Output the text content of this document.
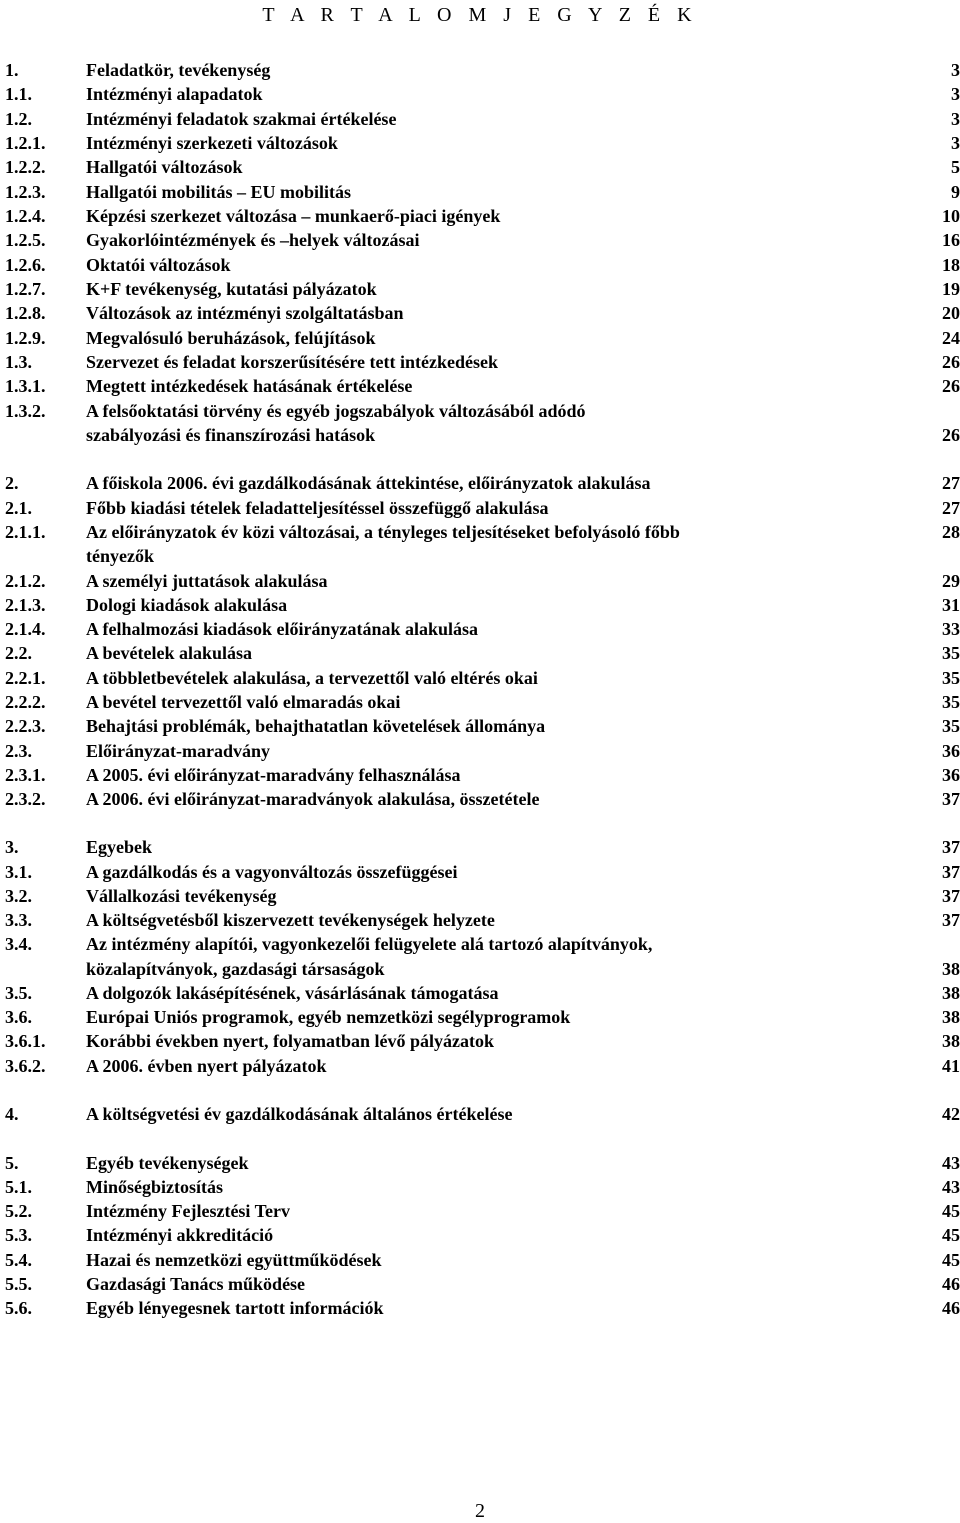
T A R T A L O M J E G Y Z É K
1.	Feladatkör, tevékenység	3
1.1.	Intézményi alapadatok	3
1.2.	Intézményi feladatok szakmai értékelése	3
1.2.1. Intézményi szerkezeti változások	3
1.2.2. Hallgatói változások	5
1.2.3. Hallgatói mobilitás – EU mobilitás	9
1.2.4. Képzési szerkezet változása – munkaerő-piaci igények	10
1.2.5. Gyakorlóintézmények és –helyek változásai	16
1.2.6. Oktatói változások	18
1.2.7. K+F tevékenység, kutatási pályázatok	19
1.2.8. Változások az intézményi szolgáltatásban	20
1.2.9. Megvalósuló beruházások, felújítások	24
1.3.	Szervezet és feladat korszerűsítésére tett intézkedések	26
1.3.1. Megtett intézkedések hatásának értékelése	26
1.3.2. A felsőoktatási törvény és egyéb jogszabályok változásából adódó
szabályozási és finanszírozási hatások	26
2.	A főiskola 2006. évi gazdálkodásának áttekintése, előirányzatok alakulása	27
2.1.	Főbb kiadási tételek feladatteljesítéssel összefüggő alakulása	27
2.1.1. Az előirányzatok év közi változásai, a tényleges teljesítéseket befolyásoló főbb	28
tényezők
2.1.2. A személyi juttatások alakulása	29
2.1.3. Dologi kiadások alakulása	31
2.1.4. A felhalmozási kiadások előirányzatának alakulása	33
2.2.	A bevételek alakulása	35
2.2.1. A többletbevételek alakulása, a tervezettől való eltérés okai	35
2.2.2. A bevétel tervezettől való elmaradás okai	35
2.2.3. Behajtási problémák, behajthatatlan követelések állománya	35
2.3.	Előirányzat-maradvány	36
2.3.1. A 2005. évi előirányzat-maradvány felhasználása	36
2.3.2. A 2006. évi előirányzat-maradványok alakulása, összetétele	37
3.	Egyebek	37
3.1.	A gazdálkodás és a vagyonváltozás összefüggései	37
3.2.	Vállalkozási tevékenység	37
3.3.	A költségvetésből kiszervezett tevékenységek helyzete	37
3.4.	Az intézmény alapítói, vagyonkezelői felügyelete alá tartozó alapítványok,
közalapítványok, gazdasági társaságok	38
3.5.	A dolgozók lakásépítésének, vásárlásának támogatása	38
3.6.	Európai Uniós programok, egyéb nemzetközi segélyprogramok	38
3.6.1. Korábbi években nyert, folyamatban lévő pályázatok	38
3.6.2. A 2006. évben nyert pályázatok	41
4.	A költségvetési év gazdálkodásának általános értékelése	42
5.	Egyéb tevékenységek	43
5.1.	Minőségbiztosítás	43
5.2.	Intézmény Fejlesztési Terv	45
5.3.	Intézményi akkreditáció	45
5.4.	Hazai és nemzetközi együttműködések	45
5.5.	Gazdasági Tanács működése	46
5.6.	Egyéb lényegesnek tartott információk	46
2
